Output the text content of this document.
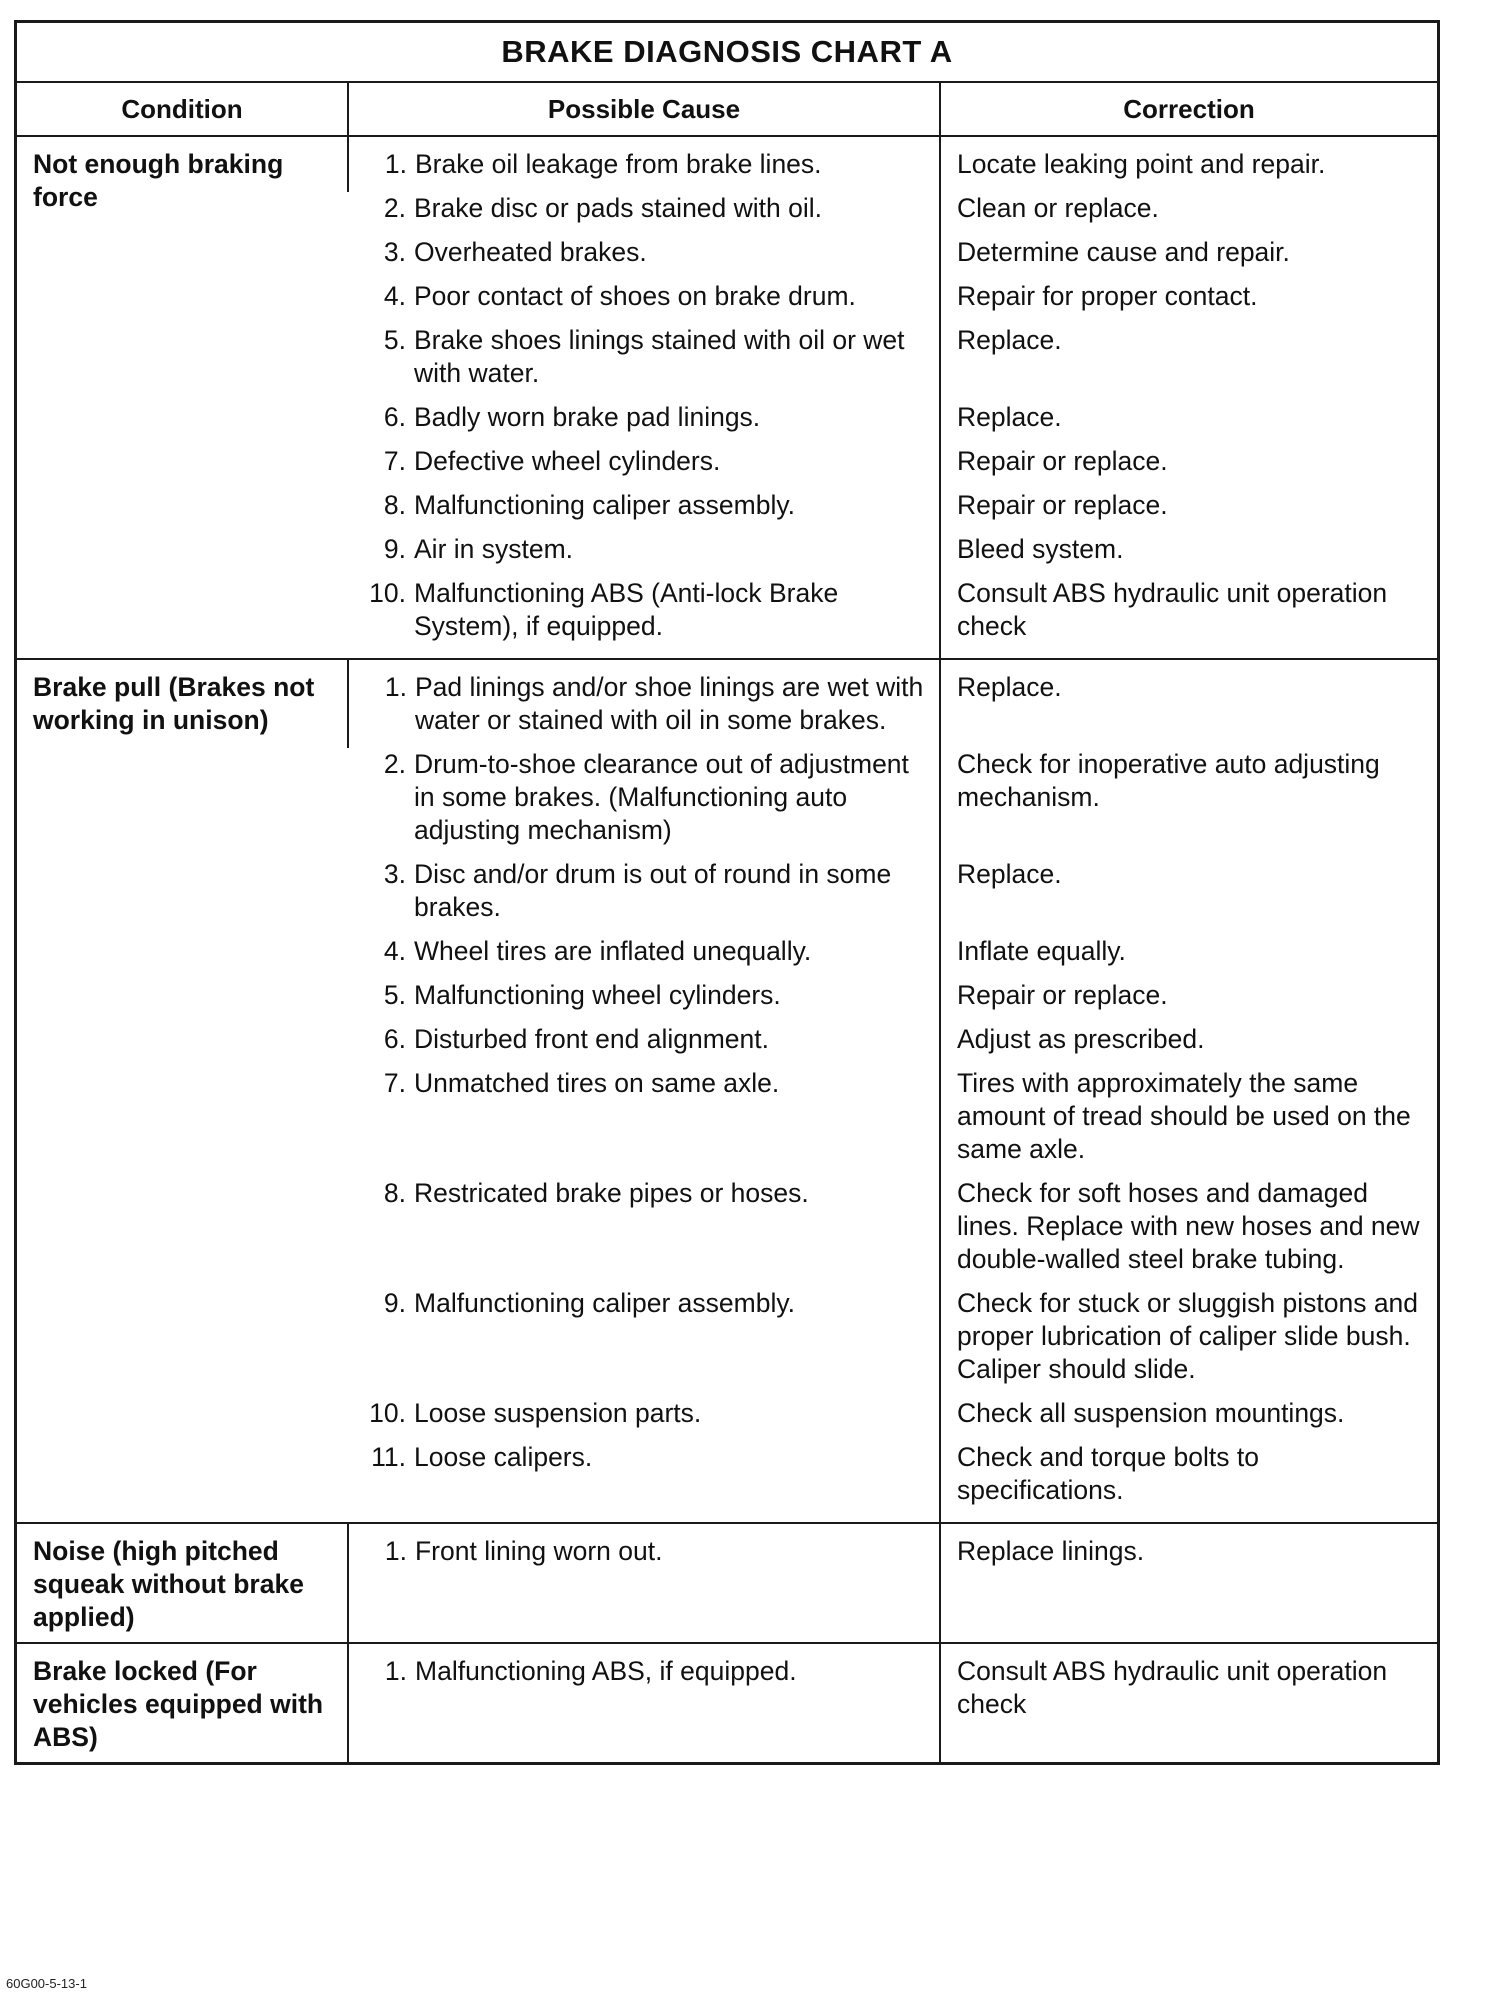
BRAKE DIAGNOSIS CHART A
Condition	Possible Cause	Correction
Not enough braking force	1. Brake oil leakage from brake lines.	Locate leaking point and repair.

	2. Brake disc or pads stained with oil.	Clean or replace.

	3. Overheated brakes.	Determine cause and repair.

	4. Poor contact of shoes on brake drum.	Repair for proper contact.

	5. Brake shoes linings stained with oil or wet with water.	Replace.

	6. Badly worn brake pad linings.	Replace.

	7. Defective wheel cylinders.	Repair or replace.

	8. Malfunctioning caliper assembly.	Repair or replace.

	9. Air in system.	Bleed system.

	10. Malfunctioning ABS (Anti-lock Brake System), if equipped.	Consult ABS hydraulic unit operation check

Brake pull (Brakes not working in unison)	1. Pad linings and/or shoe linings are wet with water or stained with oil in some brakes.	Replace.

	2. Drum-to-shoe clearance out of adjustment in some brakes. (Malfunctioning auto adjusting mechanism)	Check for inoperative auto adjusting mechanism.

	3. Disc and/or drum is out of round in some brakes.	Replace.

	4. Wheel tires are inflated unequally.	Inflate equally.

	5. Malfunctioning wheel cylinders.	Repair or replace.

	6. Disturbed front end alignment.	Adjust as prescribed.

	7. Unmatched tires on same axle.	Tires with approximately the same amount of tread should be used on the same axle.

	8. Restricated brake pipes or hoses.	Check for soft hoses and damaged lines. Replace with new hoses and new double-walled steel brake tubing.

	9. Malfunctioning caliper assembly.	Check for stuck or sluggish pistons and proper lubrication of caliper slide bush. Caliper should slide.

	10. Loose suspension parts.	Check all suspension mountings.

	11. Loose calipers.	Check and torque bolts to specifications.

Noise (high pitched squeak without brake applied)	1. Front lining worn out.	Replace linings.

Brake locked (For vehicles equipped with ABS)	1. Malfunctioning ABS, if equipped.	Consult ABS hydraulic unit operation check
60G00-5-13-1
